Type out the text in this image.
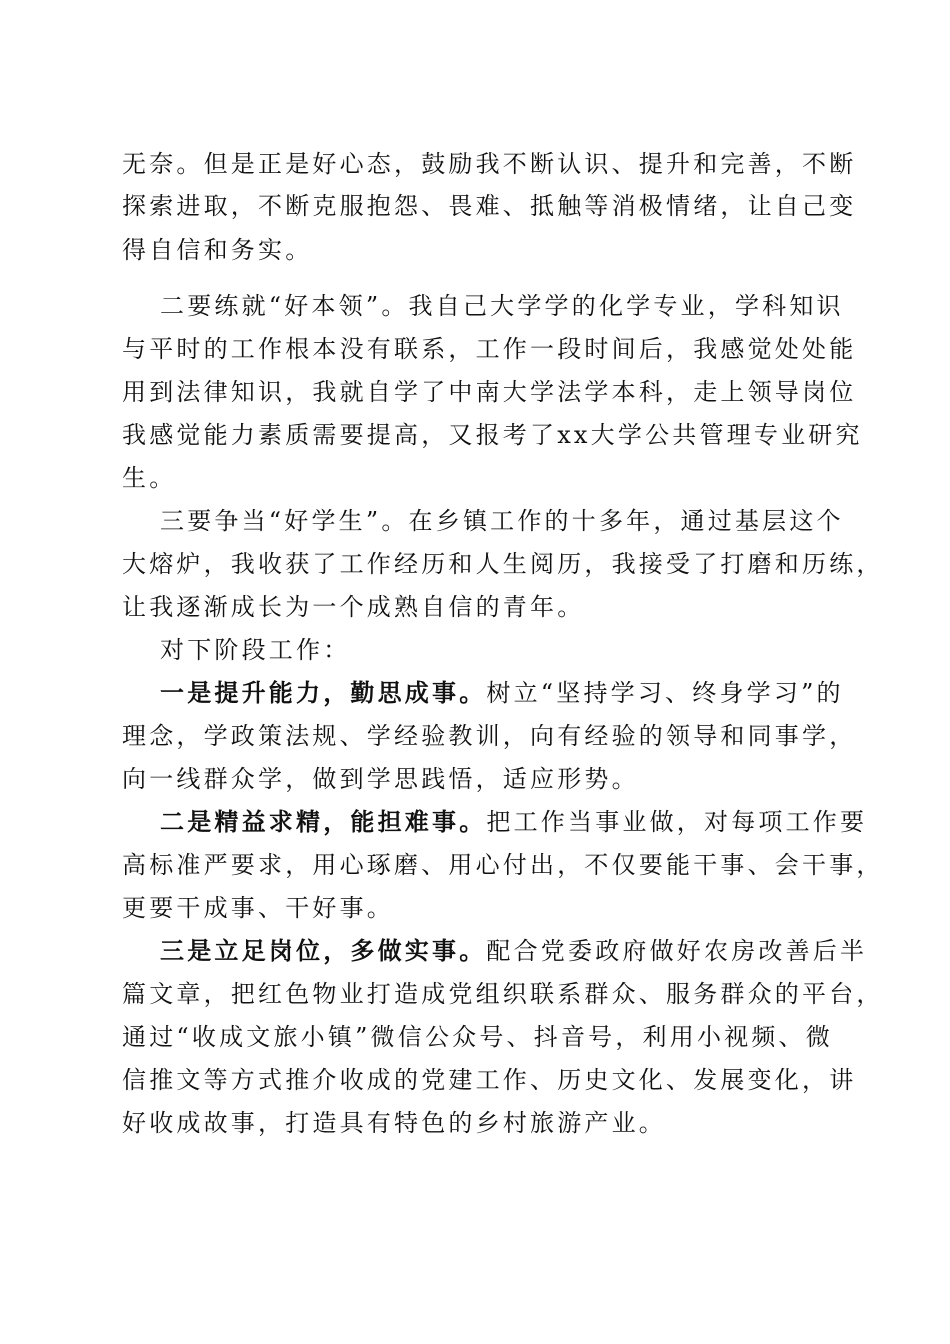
无奈。但是正是好心态，鼓励我不断认识、提升和完善，不断
探索进取，不断克服抱怨、畏难、抵触等消极情绪，让自己变
得自信和务实。
二要练就“好本领”。我自己大学学的化学专业，学科知识
与平时的工作根本没有联系，工作一段时间后，我感觉处处能
用到法律知识，我就自学了中南大学法学本科，走上领导岗位
我感觉能力素质需要提高，又报考了xx大学公共管理专业研究
生。
三要争当“好学生”。在乡镇工作的十多年，通过基层这个
大熔炉，我收获了工作经历和人生阅历，我接受了打磨和历练，
让我逐渐成长为一个成熟自信的青年。
对下阶段工作：
一是提升能力，勤思成事。树立“坚持学习、终身学习”的
理念，学政策法规、学经验教训，向有经验的领导和同事学，
向一线群众学，做到学思践悟，适应形势。
二是精益求精，能担难事。把工作当事业做，对每项工作要
高标准严要求，用心琢磨、用心付出，不仅要能干事、会干事，
更要干成事、干好事。
三是立足岗位，多做实事。配合党委政府做好农房改善后半
篇文章，把红色物业打造成党组织联系群众、服务群众的平台，
通过“收成文旅小镇”微信公众号、抖音号，利用小视频、微
信推文等方式推介收成的党建工作、历史文化、发展变化，讲
好收成故事，打造具有特色的乡村旅游产业。
